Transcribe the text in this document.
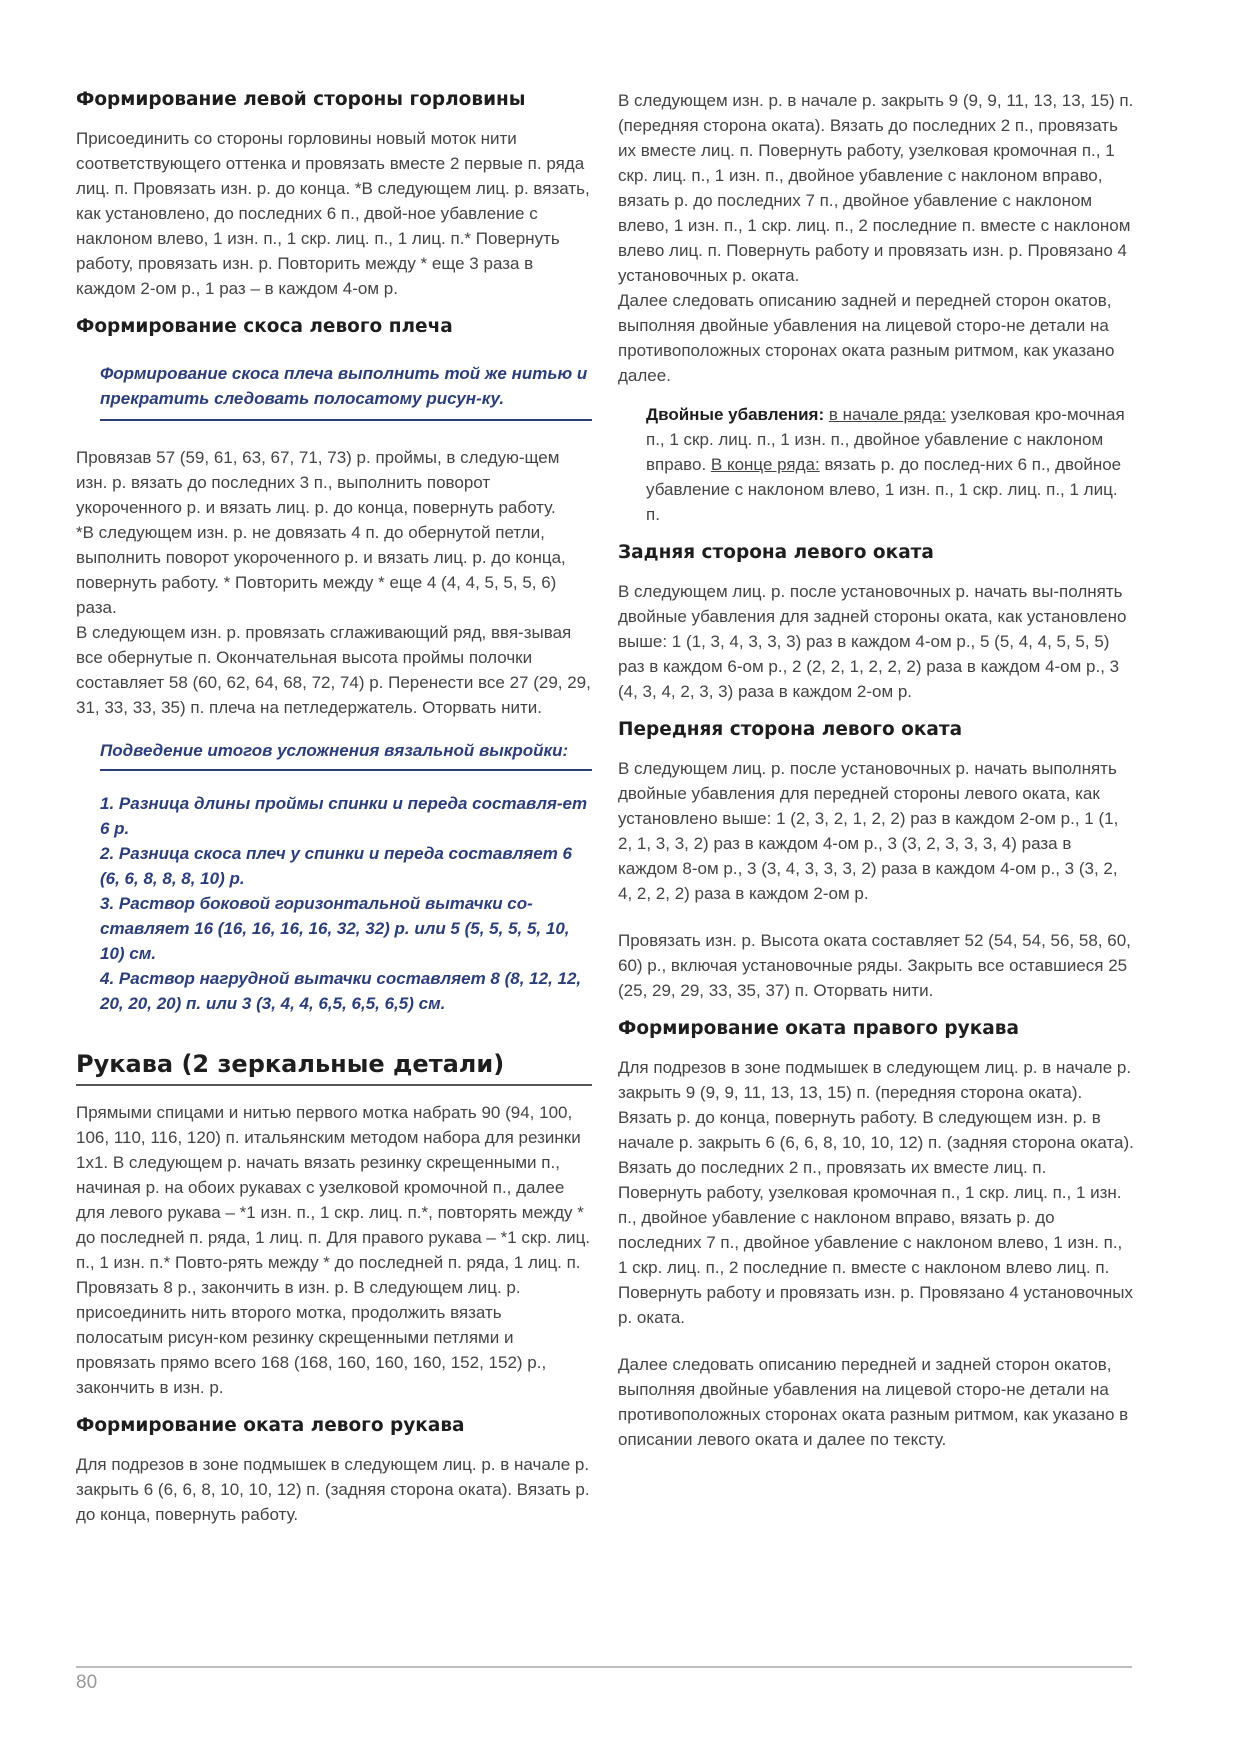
Формирование левой стороны горловины

Присоединить со стороны горловины новый моток нити соответствующего оттенка и провязать вместе 2 первые п. ряда лиц. п. Провязать изн. р. до конца. *В следующем лиц. р. вязать, как установлено, до последних 6 п., двой-ное убавление с наклоном влево, 1 изн. п., 1 скр. лиц. п., 1 лиц. п.* Повернуть работу, провязать изн. р. Повторить между * еще 3 раза в каждом 2-ом р., 1 раз – в каждом 4-ом р.

Формирование скоса левого плеча
Формирование скоса плеча выполнить той же нитью и прекратить следовать полосатому рисун-ку.

Провязав 57 (59, 61, 63, 67, 71, 73) р. проймы, в следую-щем изн. р. вязать до последних 3 п., выполнить поворот укороченного р. и вязать лиц. р. до конца, повернуть работу.

*В следующем изн. р. не довязать 4 п. до обернутой петли, выполнить поворот укороченного р. и вязать лиц. р. до конца, повернуть работу. * Повторить между * еще 4 (4, 4, 5, 5, 5, 6) раза.

В следующем изн. р. провязать сглаживающий ряд, ввя-зывая все обернутые п. Окончательная высота проймы полочки составляет 58 (60, 62, 64, 68, 72, 74) р. Перенести все 27 (29, 29, 31, 33, 33, 35) п. плеча на петледержатель. Оторвать нити.

Подведение итогов усложнения вязальной выкройки:
1. Разница длины проймы спинки и переда составля-ет 6 р.
2. Разница скоса плеч у спинки и переда составляет 6 (6, 6, 8, 8, 8, 10) р.
3. Раствор боковой горизонтальной вытачки со-ставляет 16 (16, 16, 16, 16, 32, 32) р. или 5 (5, 5, 5, 5, 10, 10) см.
4. Раствор нагрудной вытачки составляет 8 (8, 12, 12, 20, 20, 20) п. или 3 (3, 4, 4, 6,5, 6,5, 6,5) см.
Рукава (2 зеркальные детали)

Прямыми спицами и нитью первого мотка набрать 90 (94, 100, 106, 110, 116, 120) п. итальянским методом набора для резинки 1х1. В следующем р. начать вязать резинку скрещенными п., начиная р. на обоих рукавах с узелковой кромочной п., далее для левого рукава – *1 изн. п., 1 скр. лиц. п.*, повторять между * до последней п. ряда, 1 лиц. п. Для правого рукава – *1 скр. лиц. п., 1 изн. п.* Повто-рять между * до последней п. ряда, 1 лиц. п. Провязать 8 р., закончить в изн. р. В следующем лиц. р. присоединить нить второго мотка, продолжить вязать полосатым рисун-ком резинку скрещенными петлями и провязать прямо всего 168 (168, 160, 160, 160, 152, 152) р., закончить в изн. р.

Формирование оката левого рукава

Для подрезов в зоне подмышек в следующем лиц. р. в начале р. закрыть 6 (6, 6, 8, 10, 10, 12) п. (задняя сторона оката). Вязать р. до конца, повернуть работу.

В следующем изн. р. в начале р. закрыть 9 (9, 9, 11, 13, 13, 15) п. (передняя сторона оката). Вязать до последних 2 п., провязать их вместе лиц. п. Повернуть работу, узелковая кромочная п., 1 скр. лиц. п., 1 изн. п., двойное убавление с наклоном вправо, вязать р. до последних 7 п., двойное убавление с наклоном влево, 1 изн. п., 1 скр. лиц. п., 2 последние п. вместе с наклоном влево лиц. п. Повернуть работу и провязать изн. р. Провязано 4 установочных р. оката.

Далее следовать описанию задней и передней сторон окатов, выполняя двойные убавления на лицевой сторо-не детали на противоположных сторонах оката разным ритмом, как указано далее.

Двойные убавления: в начале ряда: узелковая кро-мочная п., 1 скр. лиц. п., 1 изн. п., двойное убавление с наклоном вправо. В конце ряда: вязать р. до послед-них 6 п., двойное убавление с наклоном влево, 1 изн. п., 1 скр. лиц. п., 1 лиц. п.

Задняя сторона левого оката

В следующем лиц. р. после установочных р. начать вы-полнять двойные убавления для задней стороны оката, как установлено выше: 1 (1, 3, 4, 3, 3, 3) раз в каждом 4-ом р., 5 (5, 4, 4, 5, 5, 5) раз в каждом 6-ом р., 2 (2, 2, 1, 2, 2, 2) раза в каждом 4-ом р., 3 (4, 3, 4, 2, 3, 3) раза в каждом 2-ом р.

Передняя сторона левого оката

В следующем лиц. р. после установочных р. начать выполнять двойные убавления для передней стороны левого оката, как установлено выше: 1 (2, 3, 2, 1, 2, 2) раз в каждом 2-ом р., 1 (1, 2, 1, 3, 3, 2) раз в каждом 4-ом р., 3 (3, 2, 3, 3, 3, 4) раза в каждом 8-ом р., 3 (3, 4, 3, 3, 3, 2) раза в каждом 4-ом р., 3 (3, 2, 4, 2, 2, 2) раза в каждом 2-ом р.

Провязать изн. р. Высота оката составляет 52 (54, 54, 56, 58, 60, 60) р., включая установочные ряды. Закрыть все оставшиеся 25 (25, 29, 29, 33, 35, 37) п. Оторвать нити.

Формирование оката правого рукава

Для подрезов в зоне подмышек в следующем лиц. р. в начале р. закрыть 9 (9, 9, 11, 13, 13, 15) п. (передняя сторона оката). Вязать р. до конца, повернуть работу. В следующем изн. р. в начале р. закрыть 6 (6, 6, 8, 10, 10, 12) п. (задняя сторона оката). Вязать до последних 2 п., провязать их вместе лиц. п. Повернуть работу, узелковая кромочная п., 1 скр. лиц. п., 1 изн. п., двойное убавление с наклоном вправо, вязать р. до последних 7 п., двойное убавление с наклоном влево, 1 изн. п., 1 скр. лиц. п., 2 последние п. вместе с наклоном влево лиц. п. Повернуть работу и провязать изн. р. Провязано 4 установочных р. оката.

Далее следовать описанию передней и задней сторон окатов, выполняя двойные убавления на лицевой сторо-не детали на противоположных сторонах оката разным ритмом, как указано в описании левого оката и далее по тексту.

80
